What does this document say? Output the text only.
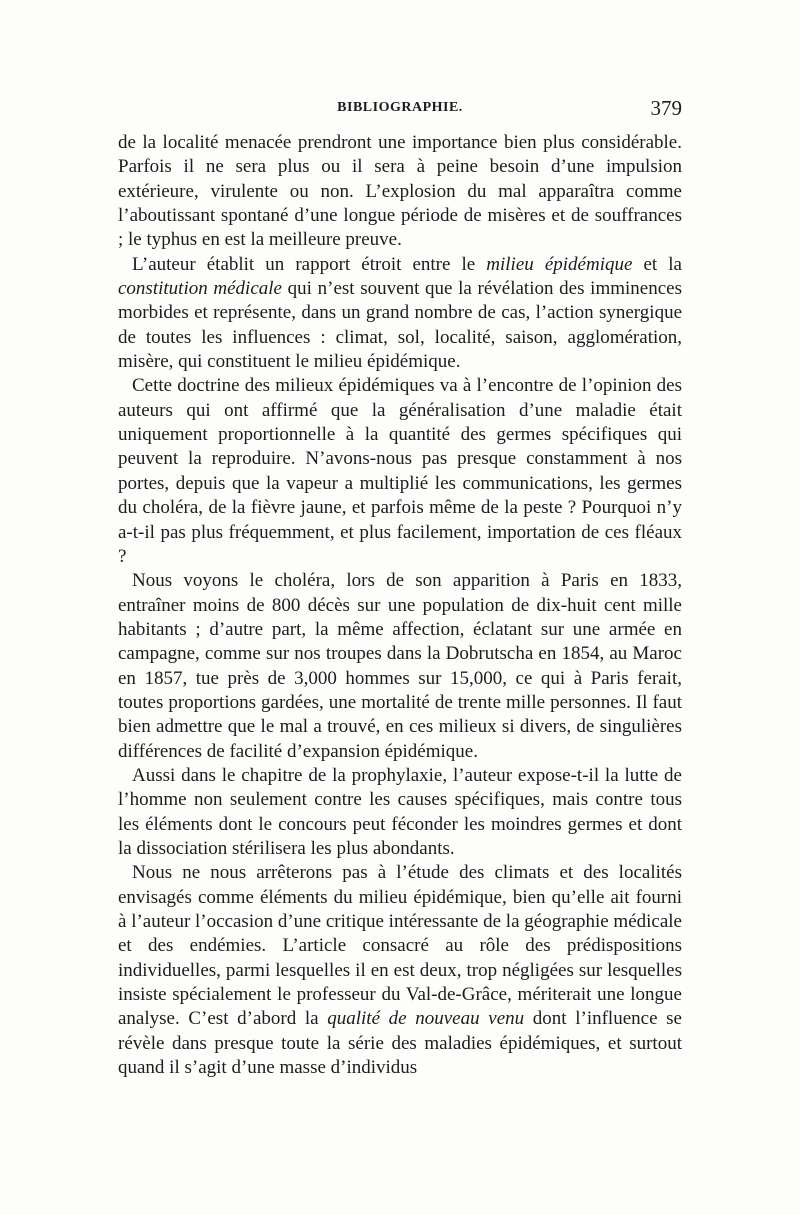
BIBLIOGRAPHIE.	379

de la localité menacée prendront une importance bien plus considérable. Parfois il ne sera plus ou il sera à peine besoin d’une impulsion extérieure, virulente ou non. L’explosion du mal apparaîtra comme l’aboutissant spontané d’une longue période de misères et de souffrances ; le typhus en est la meilleure preuve.

L’auteur établit un rapport étroit entre le milieu épidémique et la constitution médicale qui n’est souvent que la révélation des imminences morbides et représente, dans un grand nombre de cas, l’action synergique de toutes les influences : climat, sol, localité, saison, agglomération, misère, qui constituent le milieu épidémique.

Cette doctrine des milieux épidémiques va à l’encontre de l’opinion des auteurs qui ont affirmé que la généralisation d’une maladie était uniquement proportionnelle à la quantité des germes spécifiques qui peuvent la reproduire. N’avons-nous pas presque constamment à nos portes, depuis que la vapeur a multiplié les communications, les germes du choléra, de la fièvre jaune, et parfois même de la peste ? Pourquoi n’y a-t-il pas plus fréquemment, et plus facilement, importation de ces fléaux ?

Nous voyons le choléra, lors de son apparition à Paris en 1833, entraîner moins de 800 décès sur une population de dix-huit cent mille habitants ; d’autre part, la même affection, éclatant sur une armée en campagne, comme sur nos troupes dans la Dobrutscha en 1854, au Maroc en 1857, tue près de 3,000 hommes sur 15,000, ce qui à Paris ferait, toutes proportions gardées, une mortalité de trente mille personnes. Il faut bien admettre que le mal a trouvé, en ces milieux si divers, de singulières différences de facilité d’expansion épidémique.

Aussi dans le chapitre de la prophylaxie, l’auteur expose-t-il la lutte de l’homme non seulement contre les causes spécifiques, mais contre tous les éléments dont le concours peut féconder les moindres germes et dont la dissociation stérilisera les plus abondants.

Nous ne nous arrêterons pas à l’étude des climats et des localités envisagés comme éléments du milieu épidémique, bien qu’elle ait fourni à l’auteur l’occasion d’une critique intéressante de la géographie médicale et des endémies. L’article consacré au rôle des prédispositions individuelles, parmi lesquelles il en est deux, trop négligées sur lesquelles insiste spécialement le professeur du Val-de-Grâce, mériterait une longue analyse. C’est d’abord la qualité de nouveau venu dont l’influence se révèle dans presque toute la série des maladies épidémiques, et surtout quand il s’agit d’une masse d’individus
